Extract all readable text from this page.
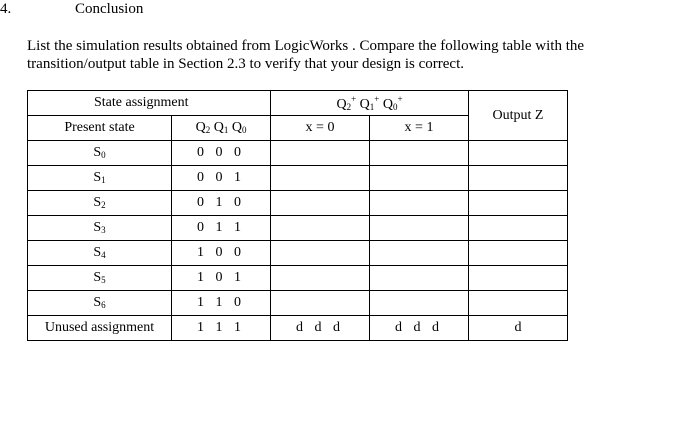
4.	Conclusion
List the simulation results obtained from LogicWorks . Compare the following table with the transition/output table in Section 2.3 to verify that your design is correct.
State assignment		$Q_2^+$ $Q_1^+$ $Q_0^+$		Output Z
Present state	$Q_2$ $Q_1$ $Q_0$	x = 0	x = 1	
$S_0$	0 0 0			
$S_1$	0 0 1			
$S_2$	0 1 0			
$S_3$	0 1 1			
$S_4$	1 0 0			
$S_5$	1 0 1			
$S_6$	1 1 0			
Unused assignment	1 1 1	d d d	d d d	d
